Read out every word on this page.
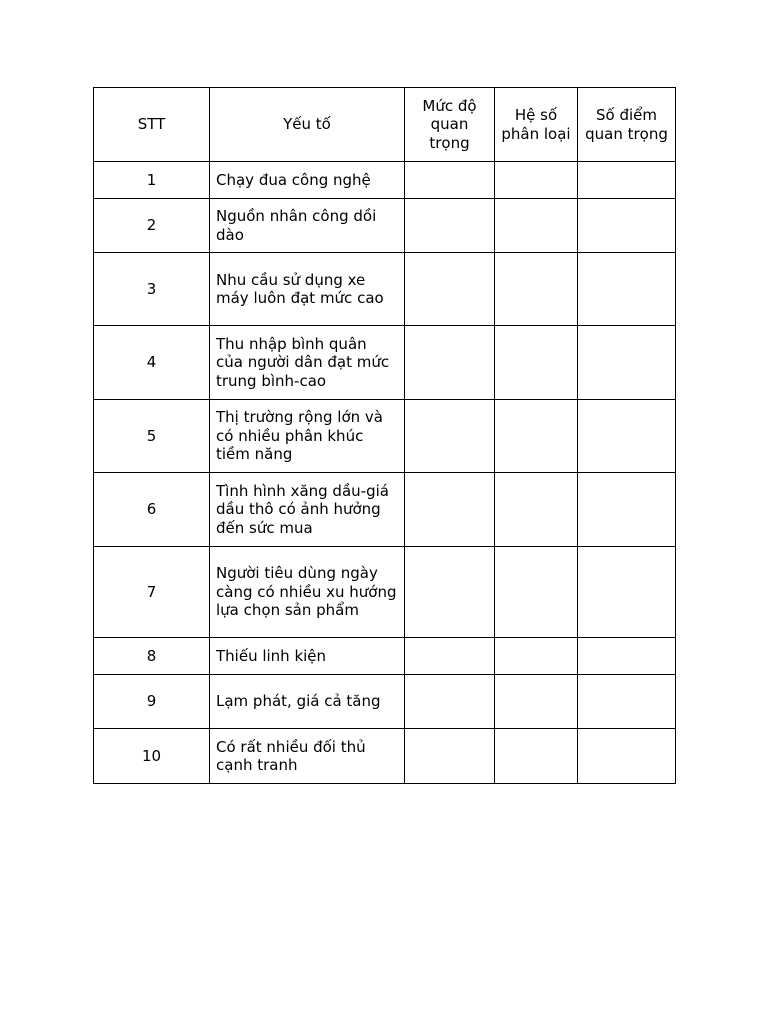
STT	Yếu tố	Mức độ quan trọng	Hệ số phân loại	Số điểm quan trọng
1	Chạy đua công nghệ			
2	Nguồn nhân công dồi dào			
3	Nhu cầu sử dụng xe máy luôn đạt mức cao			
4	Thu nhập bình quân của người dân đạt mức trung bình-cao			
5	Thị trường rộng lớn và có nhiều phân khúc tiềm năng			
6	Tình hình xăng dầu-giá dầu thô có ảnh hưởng đến sức mua			
7	Người tiêu dùng ngày càng có nhiều xu hướng lựa chọn sản phẩm			
8	Thiếu linh kiện			
9	Lạm phát, giá cả tăng			
10	Có rất nhiều đối thủ cạnh tranh			
